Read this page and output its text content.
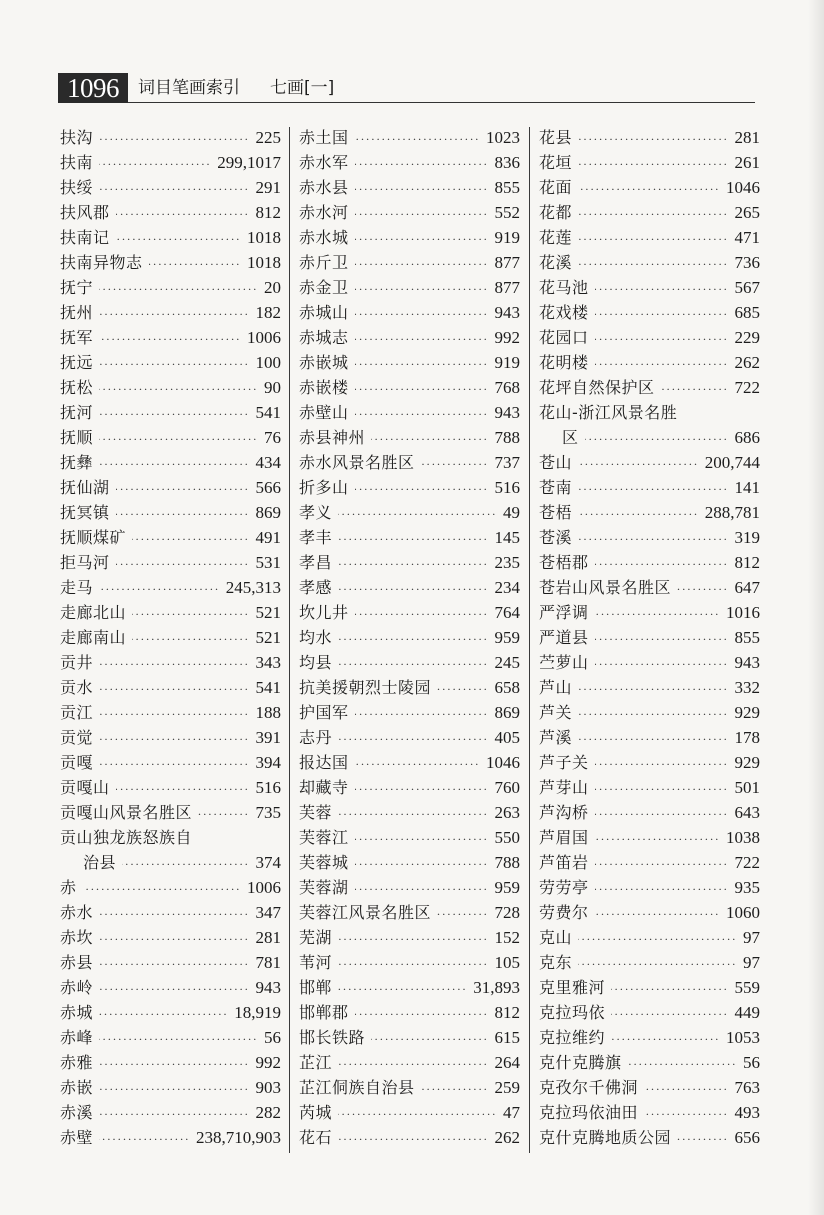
1096	词目笔画索引 七画[一]
扶沟 ·····	225
扶南 ·····	299,1017
扶绥 ·····	291
扶风郡 ·····	812
扶南记 ·····	1018
扶南异物志 ·····	1018
抚宁 ·····	20
抚州 ·····	182
抚军 ·····	1006
抚远 ·····	100
抚松 ·····	90
抚河 ·····	541
抚顺 ·····	76
抚彝 ·····	434
抚仙湖 ·····	566
抚冥镇 ·····	869
抚顺煤矿 ·····	491
拒马河 ·····	531
走马 ·····	245,313
走廊北山 ·····	521
走廊南山 ·····	521
贡井 ·····	343
贡水 ·····	541
贡江 ·····	188
贡觉 ·····	391
贡嘎 ·····	394
贡嘎山 ·····	516
贡嘎山风景名胜区 ·····	735
贡山独龙族怒族自
治县 ·····	374
赤 ·····	1006
赤水 ·····	347
赤坎 ·····	281
赤县 ·····	781
赤岭 ·····	943
赤城 ·····	18,919
赤峰 ·····	56
赤雅 ·····	992
赤嵌 ·····	903
赤溪 ·····	282
赤壁 ·····	238,710,903
赤土国 ·····	1023
赤水军 ·····	836
赤水县 ·····	855
赤水河 ·····	552
赤水城 ·····	919
赤斤卫 ·····	877
赤金卫 ·····	877
赤城山 ·····	943
赤城志 ·····	992
赤嵌城 ·····	919
赤嵌楼 ·····	768
赤壁山 ·····	943
赤县神州 ·····	788
赤水风景名胜区 ·····	737
折多山 ·····	516
孝义 ·····	49
孝丰 ·····	145
孝昌 ·····	235
孝感 ·····	234
坎儿井 ·····	764
均水 ·····	959
均县 ·····	245
抗美援朝烈士陵园 ·····	658
护国军 ·····	869
志丹 ·····	405
报达国 ·····	1046
却藏寺 ·····	760
芙蓉 ·····	263
芙蓉江 ·····	550
芙蓉城 ·····	788
芙蓉湖 ·····	959
芙蓉江风景名胜区 ·····	728
芜湖 ·····	152
苇河 ·····	105
邯郸 ·····	31,893
邯郸郡 ·····	812
邯长铁路 ·····	615
芷江 ·····	264
芷江侗族自治县 ·····	259
芮城 ·····	47
花石 ·····	262
花县 ·····	281
花垣 ·····	261
花面 ·····	1046
花都 ·····	265
花莲 ·····	471
花溪 ·····	736
花马池 ·····	567
花戏楼 ·····	685
花园口 ·····	229
花明楼 ·····	262
花坪自然保护区 ·····	722
花山-浙江风景名胜
区 ·····	686
苍山 ·····	200,744
苍南 ·····	141
苍梧 ·····	288,781
苍溪 ·····	319
苍梧郡 ·····	812
苍岩山风景名胜区 ·····	647
严浮调 ·····	1016
严道县 ·····	855
苎萝山 ·····	943
芦山 ·····	332
芦关 ·····	929
芦溪 ·····	178
芦子关 ·····	929
芦芽山 ·····	501
芦沟桥 ·····	643
芦眉国 ·····	1038
芦笛岩 ·····	722
劳劳亭 ·····	935
劳费尔 ·····	1060
克山 ·····	97
克东 ·····	97
克里雅河 ·····	559
克拉玛依 ·····	449
克拉维约 ·····	1053
克什克腾旗 ·····	56
克孜尔千佛洞 ·····	763
克拉玛依油田 ·····	493
克什克腾地质公园 ·····	656
